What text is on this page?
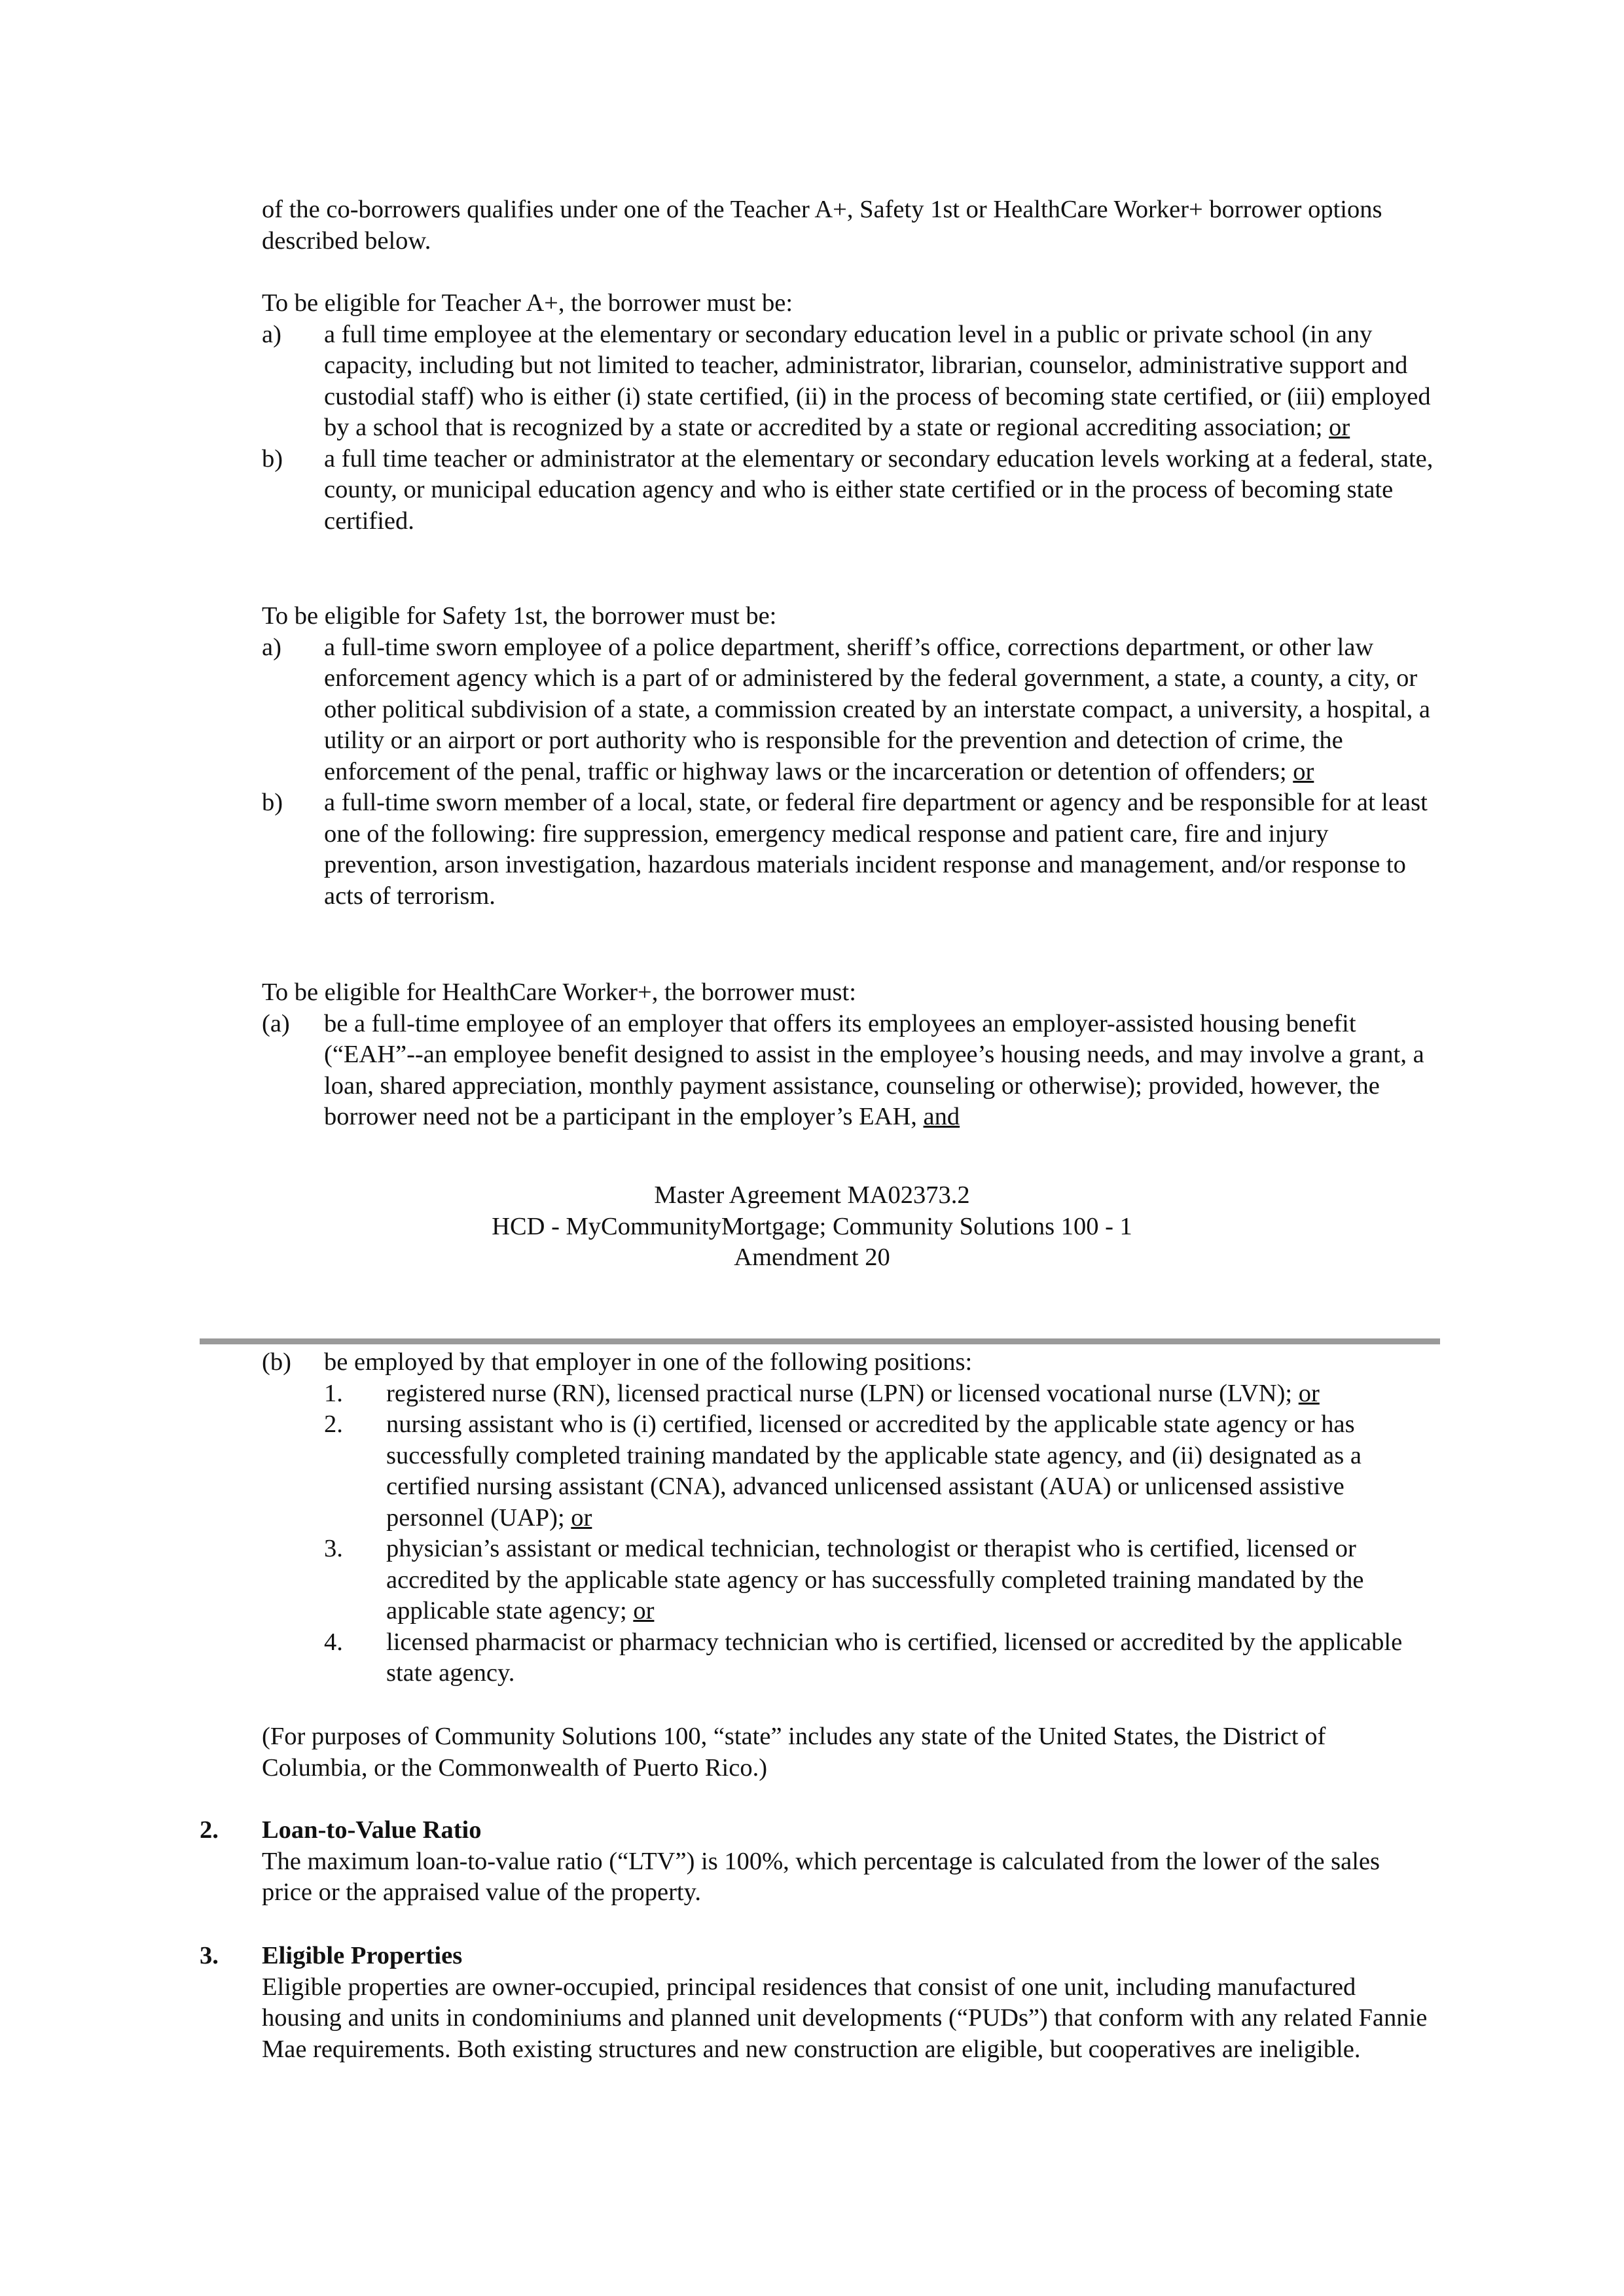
of the co-borrowers qualifies under one of the Teacher A+, Safety 1st or HealthCare Worker+ borrower options described below.

To be eligible for Teacher A+, the borrower must be:

a)	a full time employee at the elementary or secondary education level in a public or private school (in any capacity, including but not limited to teacher, administrator, librarian, counselor, administrative support and custodial staff) who is either (i) state certified, (ii) in the process of becoming state certified, or (iii) employed by a school that is recognized by a state or accredited by a state or regional accrediting association; or
b)	a full time teacher or administrator at the elementary or secondary education levels working at a federal, state, county, or municipal education agency and who is either state certified or in the process of becoming state certified.

To be eligible for Safety 1st, the borrower must be:

a)	a full-time sworn employee of a police department, sheriff’s office, corrections department, or other law enforcement agency which is a part of or administered by the federal government, a state, a county, a city, or other political subdivision of a state, a commission created by an interstate compact, a university, a hospital, a utility or an airport or port authority who is responsible for the prevention and detection of crime, the enforcement of the penal, traffic or highway laws or the incarceration or detention of offenders; or
b)	a full-time sworn member of a local, state, or federal fire department or agency and be responsible for at least one of the following: fire suppression, emergency medical response and patient care, fire and injury prevention, arson investigation, hazardous materials incident response and management, and/or response to acts of terrorism.

To be eligible for HealthCare Worker+, the borrower must:

(a)	be a full-time employee of an employer that offers its employees an employer-assisted housing benefit (“EAH”--an employee benefit designed to assist in the employee’s housing needs, and may involve a grant, a loan, shared appreciation, monthly payment assistance, counseling or otherwise); provided, however, the borrower need not be a participant in the employer’s EAH, and
Master Agreement MA02373.2
HCD - MyCommunityMortgage; Community Solutions 100 - 1
Amendment 20
(b)	be employed by that employer in one of the following positions:
1.	registered nurse (RN), licensed practical nurse (LPN) or licensed vocational nurse (LVN); or
2.	nursing assistant who is (i) certified, licensed or accredited by the applicable state agency or has successfully completed training mandated by the applicable state agency, and (ii) designated as a certified nursing assistant (CNA), advanced unlicensed assistant (AUA) or unlicensed assistive personnel (UAP); or
3.	physician’s assistant or medical technician, technologist or therapist who is certified, licensed or accredited by the applicable state agency or has successfully completed training mandated by the applicable state agency; or
4.	licensed pharmacist or pharmacy technician who is certified, licensed or accredited by the applicable state agency.

(For purposes of Community Solutions 100, “state” includes any state of the United States, the District of Columbia, or the Commonwealth of Puerto Rico.)

2.	Loan-to-Value Ratio

The maximum loan-to-value ratio (“LTV”) is 100%, which percentage is calculated from the lower of the sales price or the appraised value of the property.

3.	Eligible Properties

Eligible properties are owner-occupied, principal residences that consist of one unit, including manufactured housing and units in condominiums and planned unit developments (“PUDs”) that conform with any related Fannie Mae requirements. Both existing structures and new construction are eligible, but cooperatives are ineligible.
